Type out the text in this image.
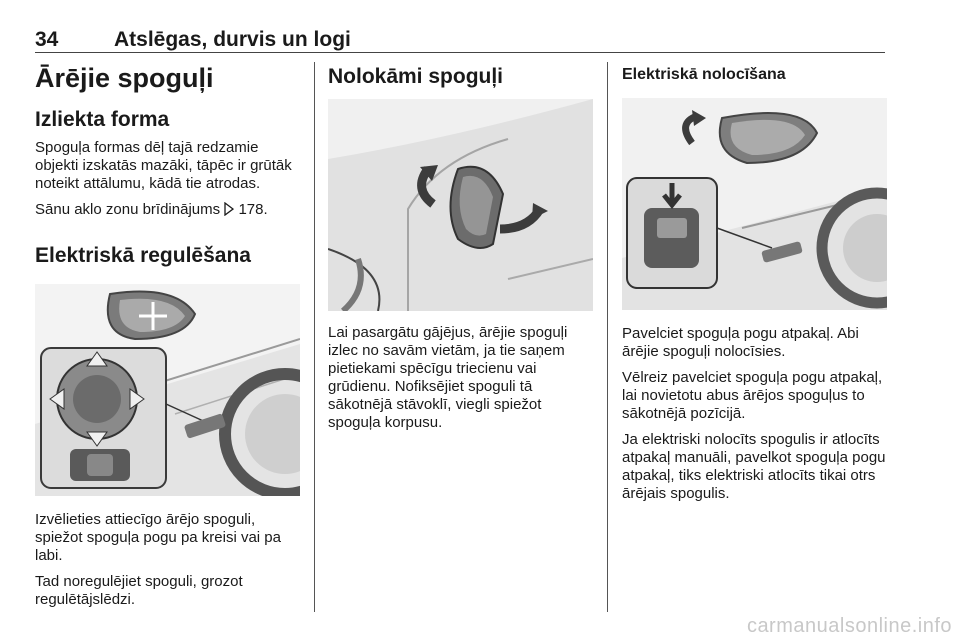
34	Atslēgas, durvis un logi
Ārējie spoguļi
Izliekta forma

Spoguļa formas dēļ tajā redzamie objekti izskatās mazāki, tāpēc ir grūtāk noteikt attālumu, kādā tie atrodas.

Sānu aklo zonu brīdinājums 178.

Elektriskā regulēšana

Izvēlieties attiecīgo ārējo spoguli, spiežot spoguļa pogu pa kreisi vai pa labi.

Tad noregulējiet spoguli, grozot regulētājslēdzi.

Nolokāmi spoguļi

Lai pasargātu gājējus, ārējie spoguļi izlec no savām vietām, ja tie saņem pietiekami spēcīgu triecienu vai grūdienu. Nofiksējiet spoguli tā sākotnējā stāvoklī, viegli spiežot spoguļa korpusu.

Elektriskā nolocīšana

Pavelciet spoguļa pogu atpakaļ. Abi ārējie spoguļi nolocīsies.

Vēlreiz pavelciet spoguļa pogu atpakaļ, lai novietotu abus ārējos spoguļus to sākotnējā pozīcijā.

Ja elektriski nolocīts spogulis ir atlocīts atpakaļ manuāli, pavelkot spoguļa pogu atpakaļ, tiks elektriski atlocīts tikai otrs ārējais spogulis.

carmanualsonline.info
